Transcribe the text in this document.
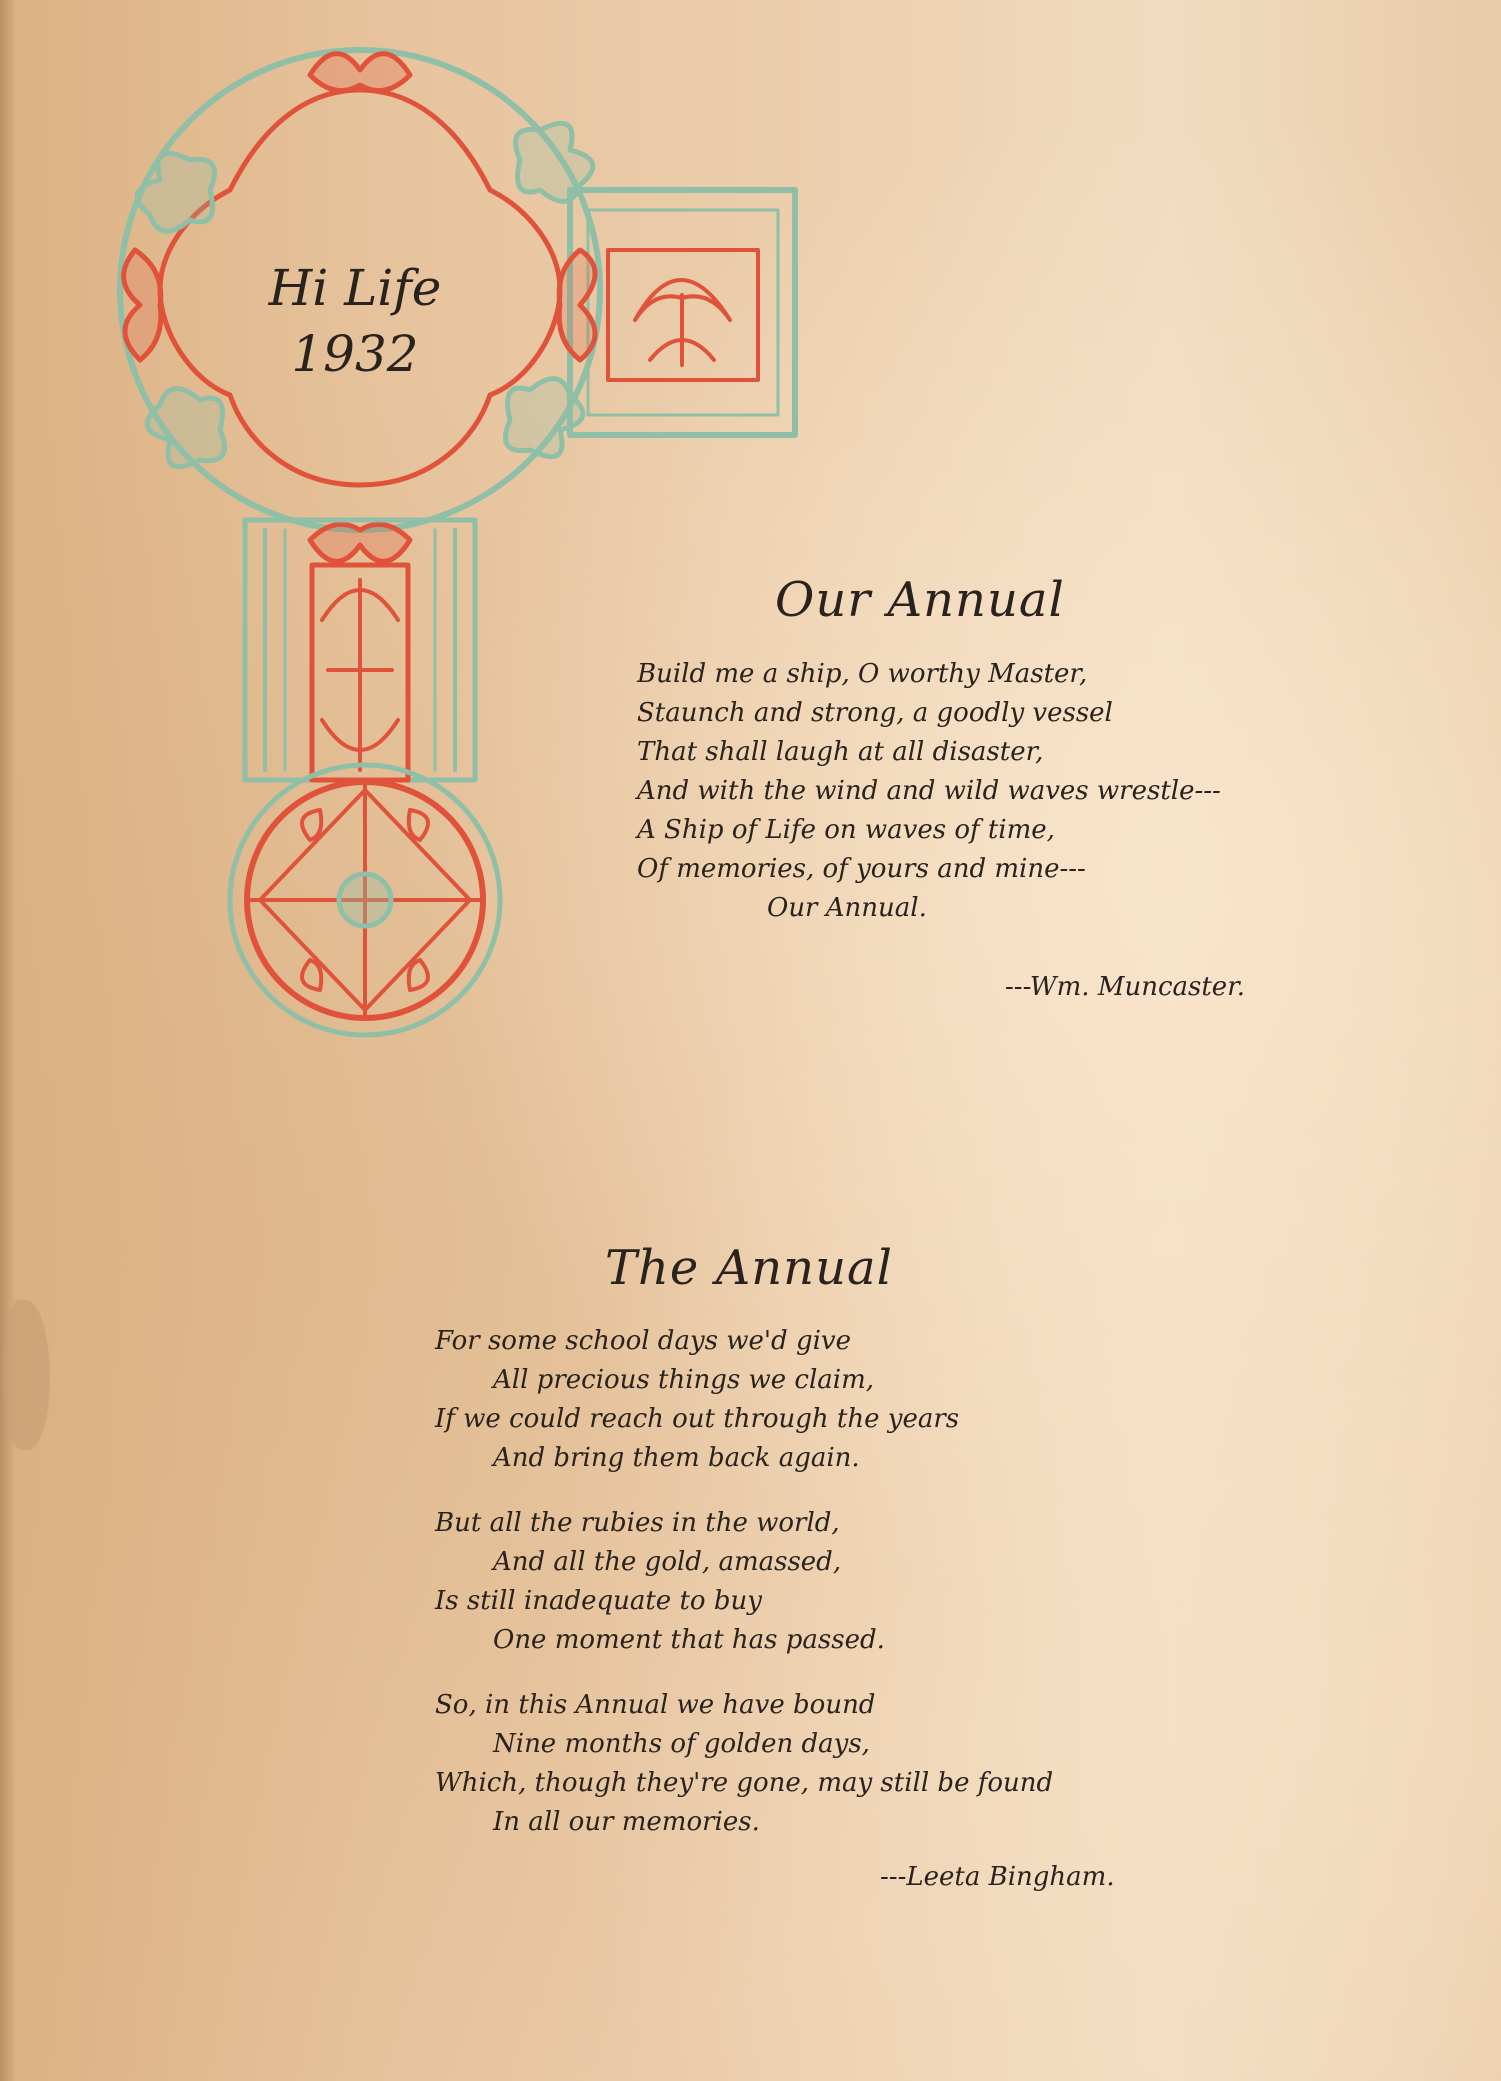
Hi Life
1932
Our Annual
Build me a ship, O worthy Master,
Staunch and strong, a goodly vessel
That shall laugh at all disaster,
And with the wind and wild waves wrestle---
A Ship of Life on waves of time,
Of memories, of yours and mine---
Our Annual.
---Wm. Muncaster.
The Annual
For some school days we'd give
All precious things we claim,
If we could reach out through the years
And bring them back again.
But all the rubies in the world,
And all the gold, amassed,
Is still inadequate to buy
One moment that has passed.
So, in this Annual we have bound
Nine months of golden days,
Which, though they're gone, may still be found
In all our memories.
---Leeta Bingham.
